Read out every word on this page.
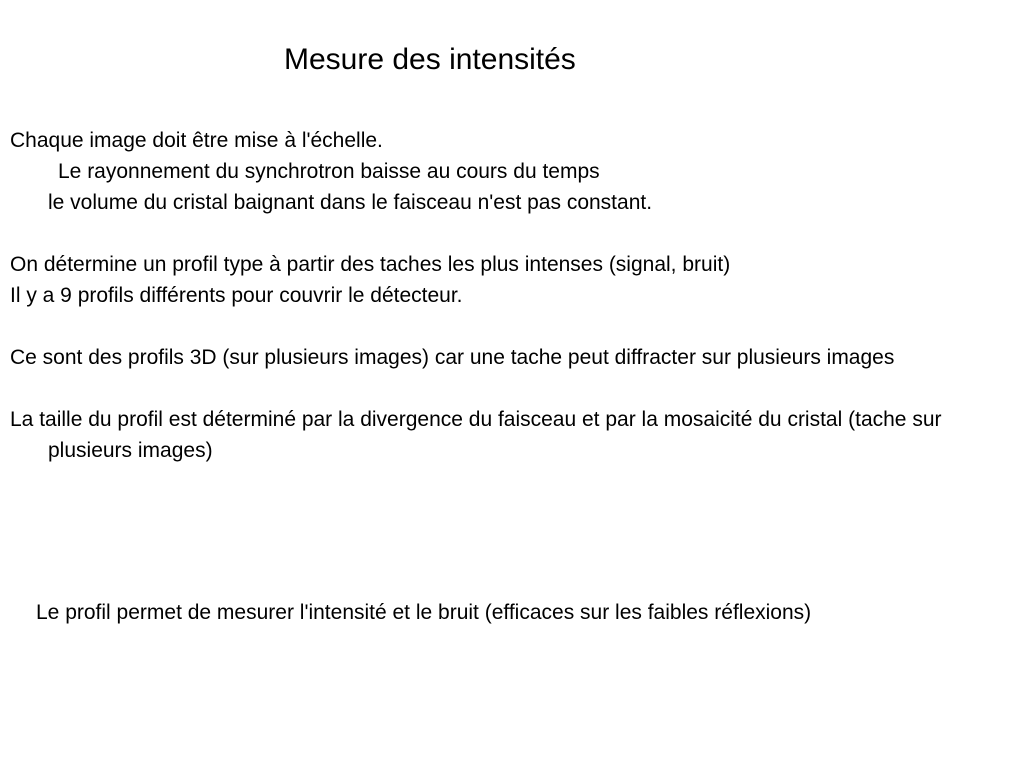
Mesure des intensités
Chaque image doit être mise à l'échelle.
Le rayonnement du synchrotron baisse au cours du temps
le volume du cristal baignant dans le faisceau n'est pas constant.
On détermine un profil type à partir des taches les plus intenses (signal, bruit)
Il y a 9 profils différents pour couvrir le détecteur.
Ce sont des profils 3D (sur plusieurs images) car une tache peut diffracter sur plusieurs images
La taille du profil est déterminé par la divergence du faisceau et par la mosaicité du cristal (tache sur plusieurs images)
Le profil permet de mesurer l'intensité et le bruit (efficaces sur les faibles réflexions)
